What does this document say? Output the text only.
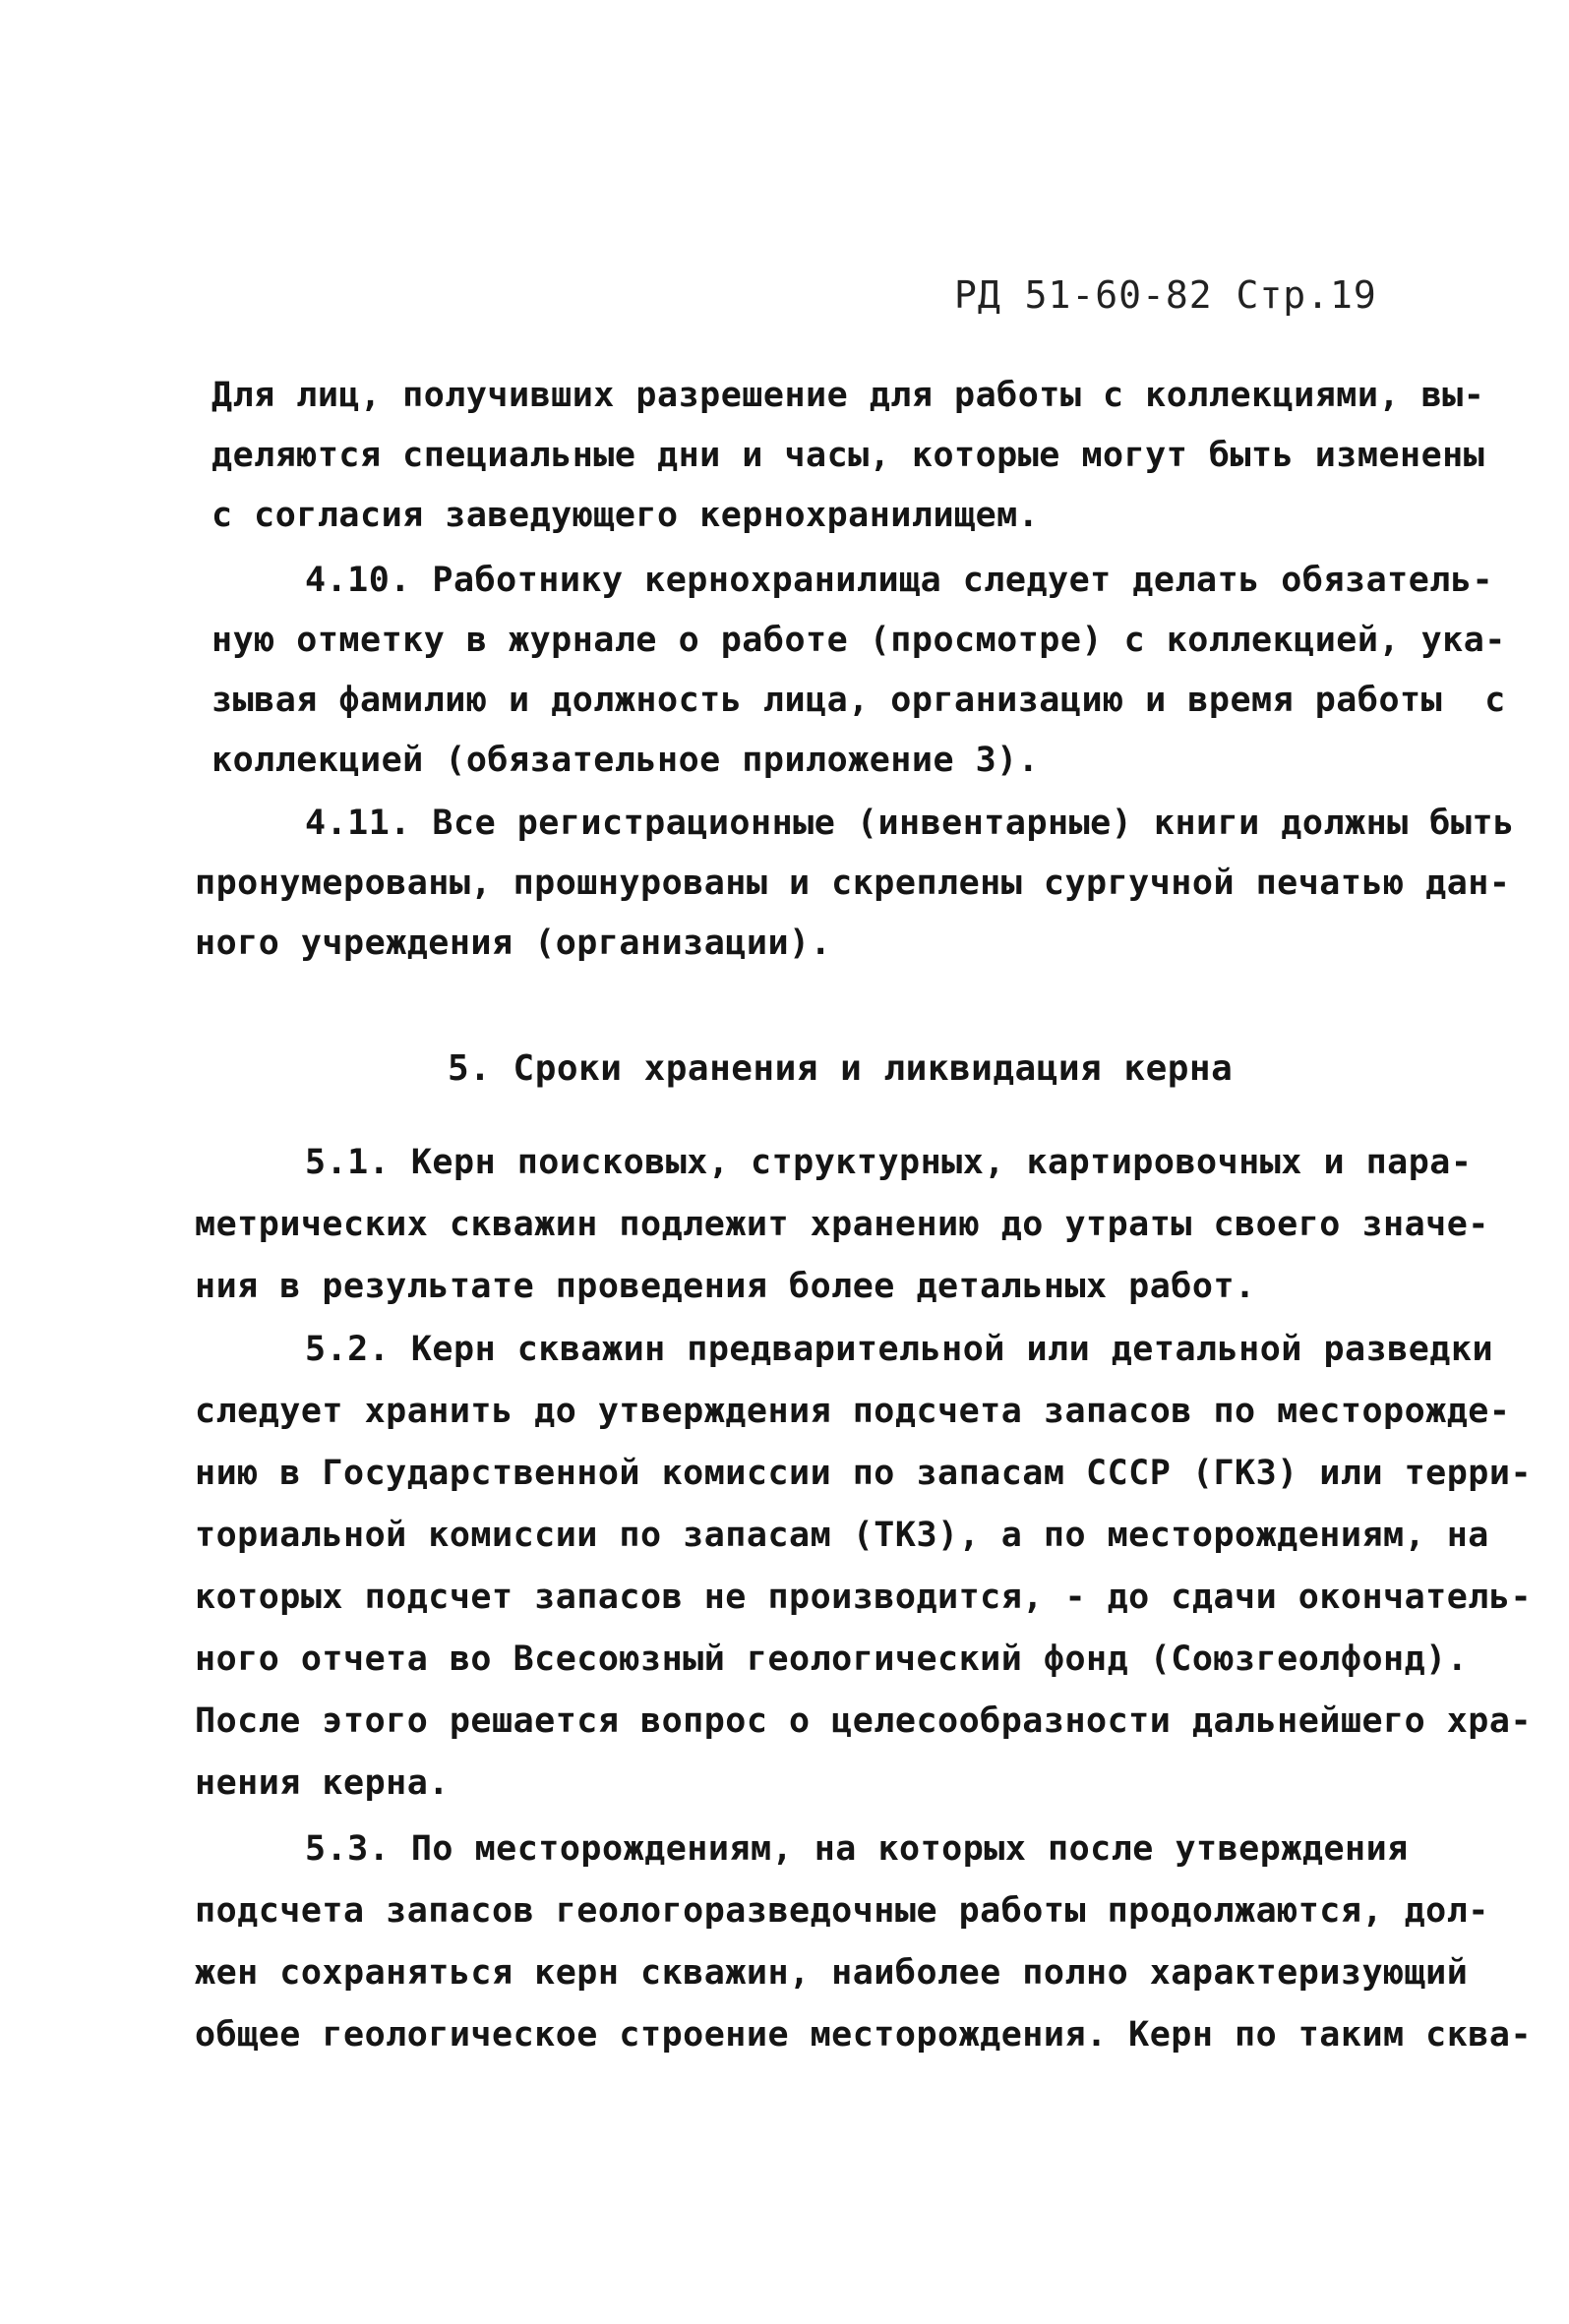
РД 51-60-82 Стр.19
Для лиц, получивших разрешение для работы с коллекциями, вы-
деляются специальные дни и часы, которые могут быть изменены
с согласия заведующего кернохранилищем.
4.10. Работнику кернохранилища следует делать обязатель-
ную отметку в журнале о работе (просмотре) с коллекцией, ука-
зывая фамилию и должность лица, организацию и время работы  с
коллекцией (обязательное приложение 3).
4.11. Все регистрационные (инвентарные) книги должны быть
пронумерованы, прошнурованы и скреплены сургучной печатью дан-
ного учреждения (организации).
5. Сроки хранения и ликвидация керна
5.1. Керн поисковых, структурных, картировочных и пара-
метрических скважин подлежит хранению до утраты своего значе-
ния в результате проведения более детальных работ.
5.2. Керн скважин предварительной или детальной разведки
следует хранить до утверждения подсчета запасов по месторожде-
нию в Государственной комиссии по запасам СССР (ГКЗ) или терри-
ториальной комиссии по запасам (ТКЗ), а по месторождениям, на
которых подсчет запасов не производится, - до сдачи окончатель-
ного отчета во Всесоюзный геологический фонд (Союзгеолфонд).
После этого решается вопрос о целесообразности дальнейшего хра-
нения керна.
5.3. По месторождениям, на которых после утверждения
подсчета запасов геологоразведочные работы продолжаются, дол-
жен сохраняться керн скважин, наиболее полно характеризующий
общее геологическое строение месторождения. Керн по таким сква-
